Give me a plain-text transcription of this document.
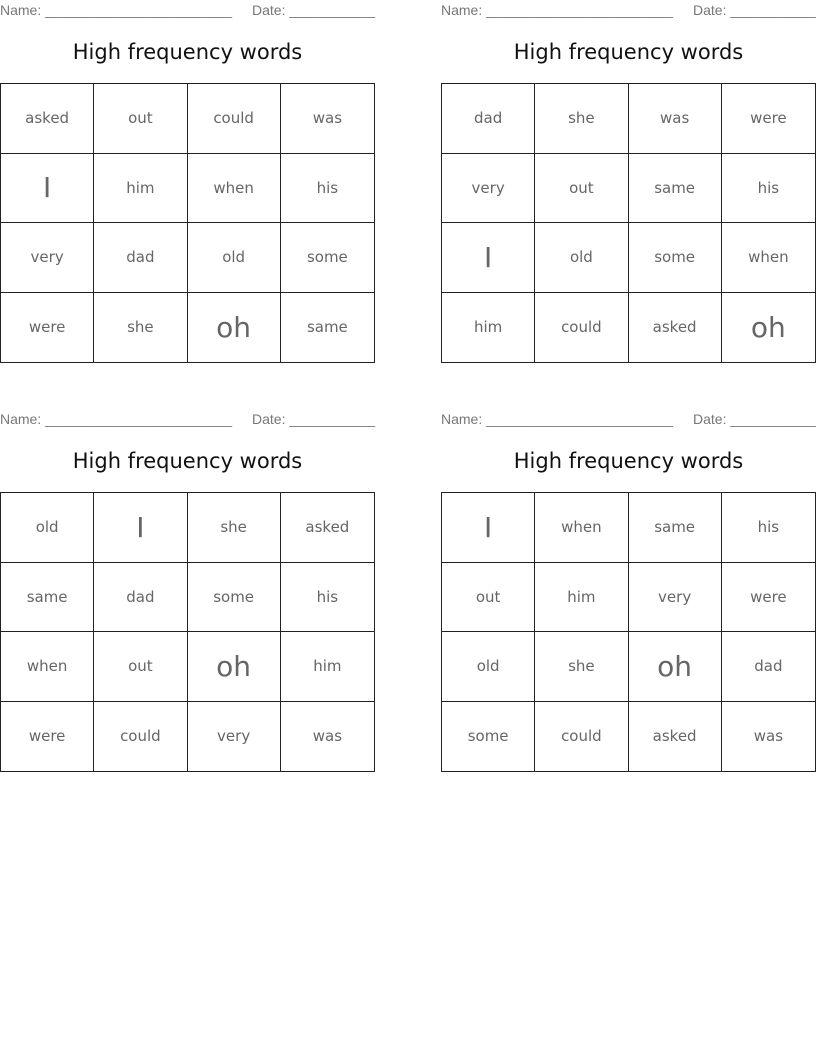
Name: ________________________ Date: ___________
High frequency words
asked	out	could	was
I	him	when	his
very	dad	old	some
were	she	oh	same
Name: ________________________ Date: ___________
High frequency words
dad	she	was	were
very	out	same	his
I	old	some	when
him	could	asked	oh
Name: ________________________ Date: ___________
High frequency words
old	I	she	asked
same	dad	some	his
when	out	oh	him
were	could	very	was
Name: ________________________ Date: ___________
High frequency words
I	when	same	his
out	him	very	were
old	she	oh	dad
some	could	asked	was
